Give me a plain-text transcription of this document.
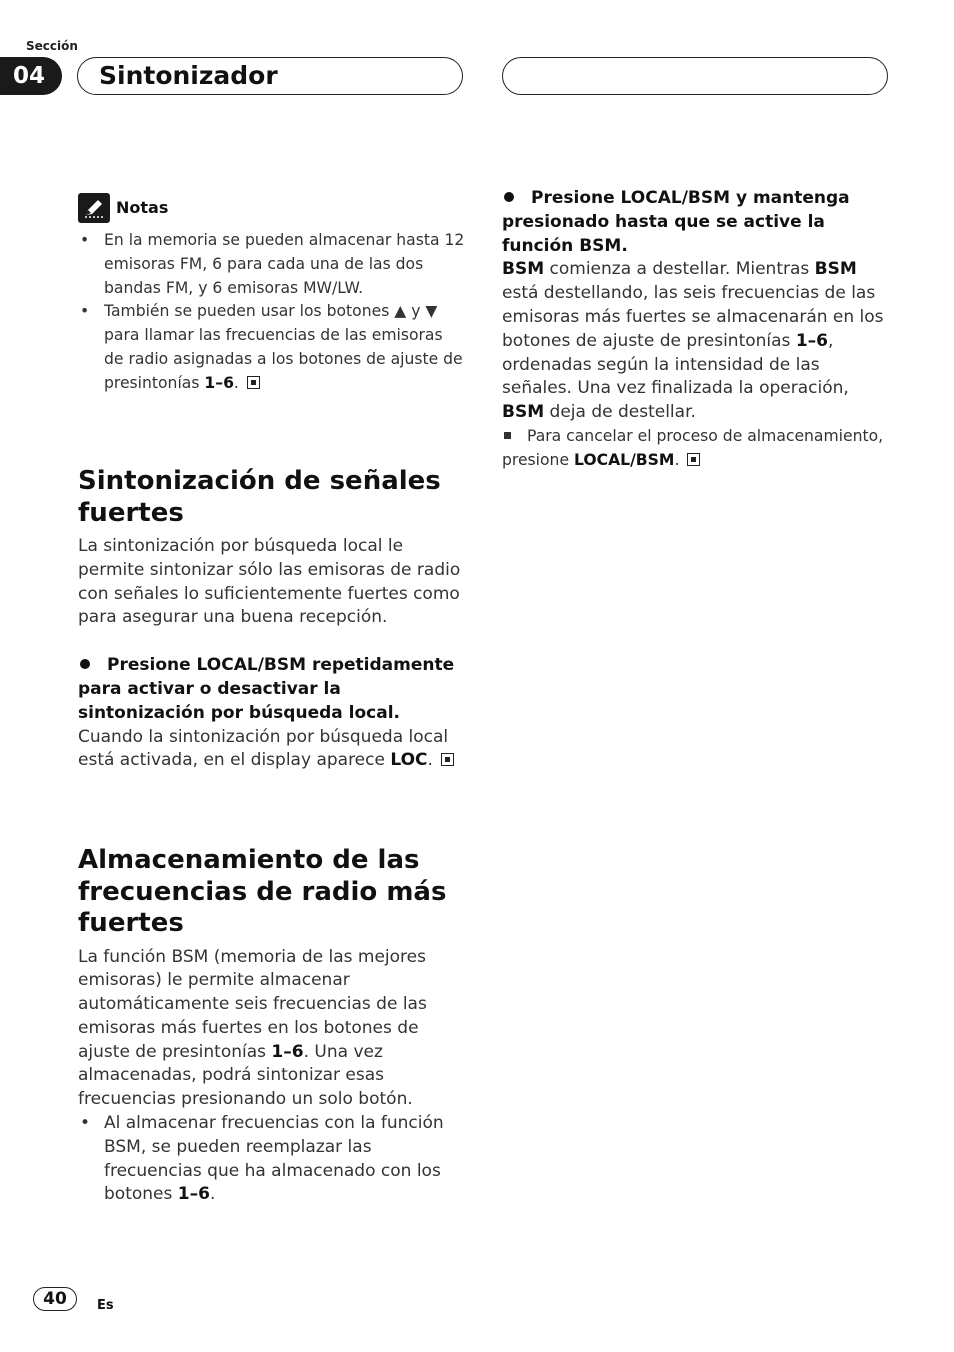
Sección
04	Sintonizador
Notas
• En la memoria se pueden almacenar hasta 12 emisoras FM, 6 para cada una de las dos bandas FM, y 6 emisoras MW/LW.
• También se pueden usar los botones ▲ y ▼ para llamar las frecuencias de las emisoras de radio asignadas a los botones de ajuste de presintonías 1–6.
Sintonización de señales fuertes

La sintonización por búsqueda local le permite sintonizar sólo las emisoras de radio con señales lo suficientemente fuertes como para asegurar una buena recepción.

Presione LOCAL/BSM repetidamente para activar o desactivar la sintonización por búsqueda local.

Cuando la sintonización por búsqueda local está activada, en el display aparece LOC.

Almacenamiento de las frecuencias de radio más fuertes

La función BSM (memoria de las mejores emisoras) le permite almacenar automáticamente seis frecuencias de las emisoras más fuertes en los botones de ajuste de presintonías 1–6. Una vez almacenadas, podrá sintonizar esas frecuencias presionando un solo botón.

• Al almacenar frecuencias con la función BSM, se pueden reemplazar las frecuencias que ha almacenado con los botones 1–6.

Presione LOCAL/BSM y mantenga presionado hasta que se active la función BSM.

BSM comienza a destellar. Mientras BSM está destellando, las seis frecuencias de las emisoras más fuertes se almacenarán en los botones de ajuste de presintonías 1–6, ordenadas según la intensidad de las señales. Una vez finalizada la operación, BSM deja de destellar.

Para cancelar el proceso de almacenamiento, presione LOCAL/BSM.

40	Es
